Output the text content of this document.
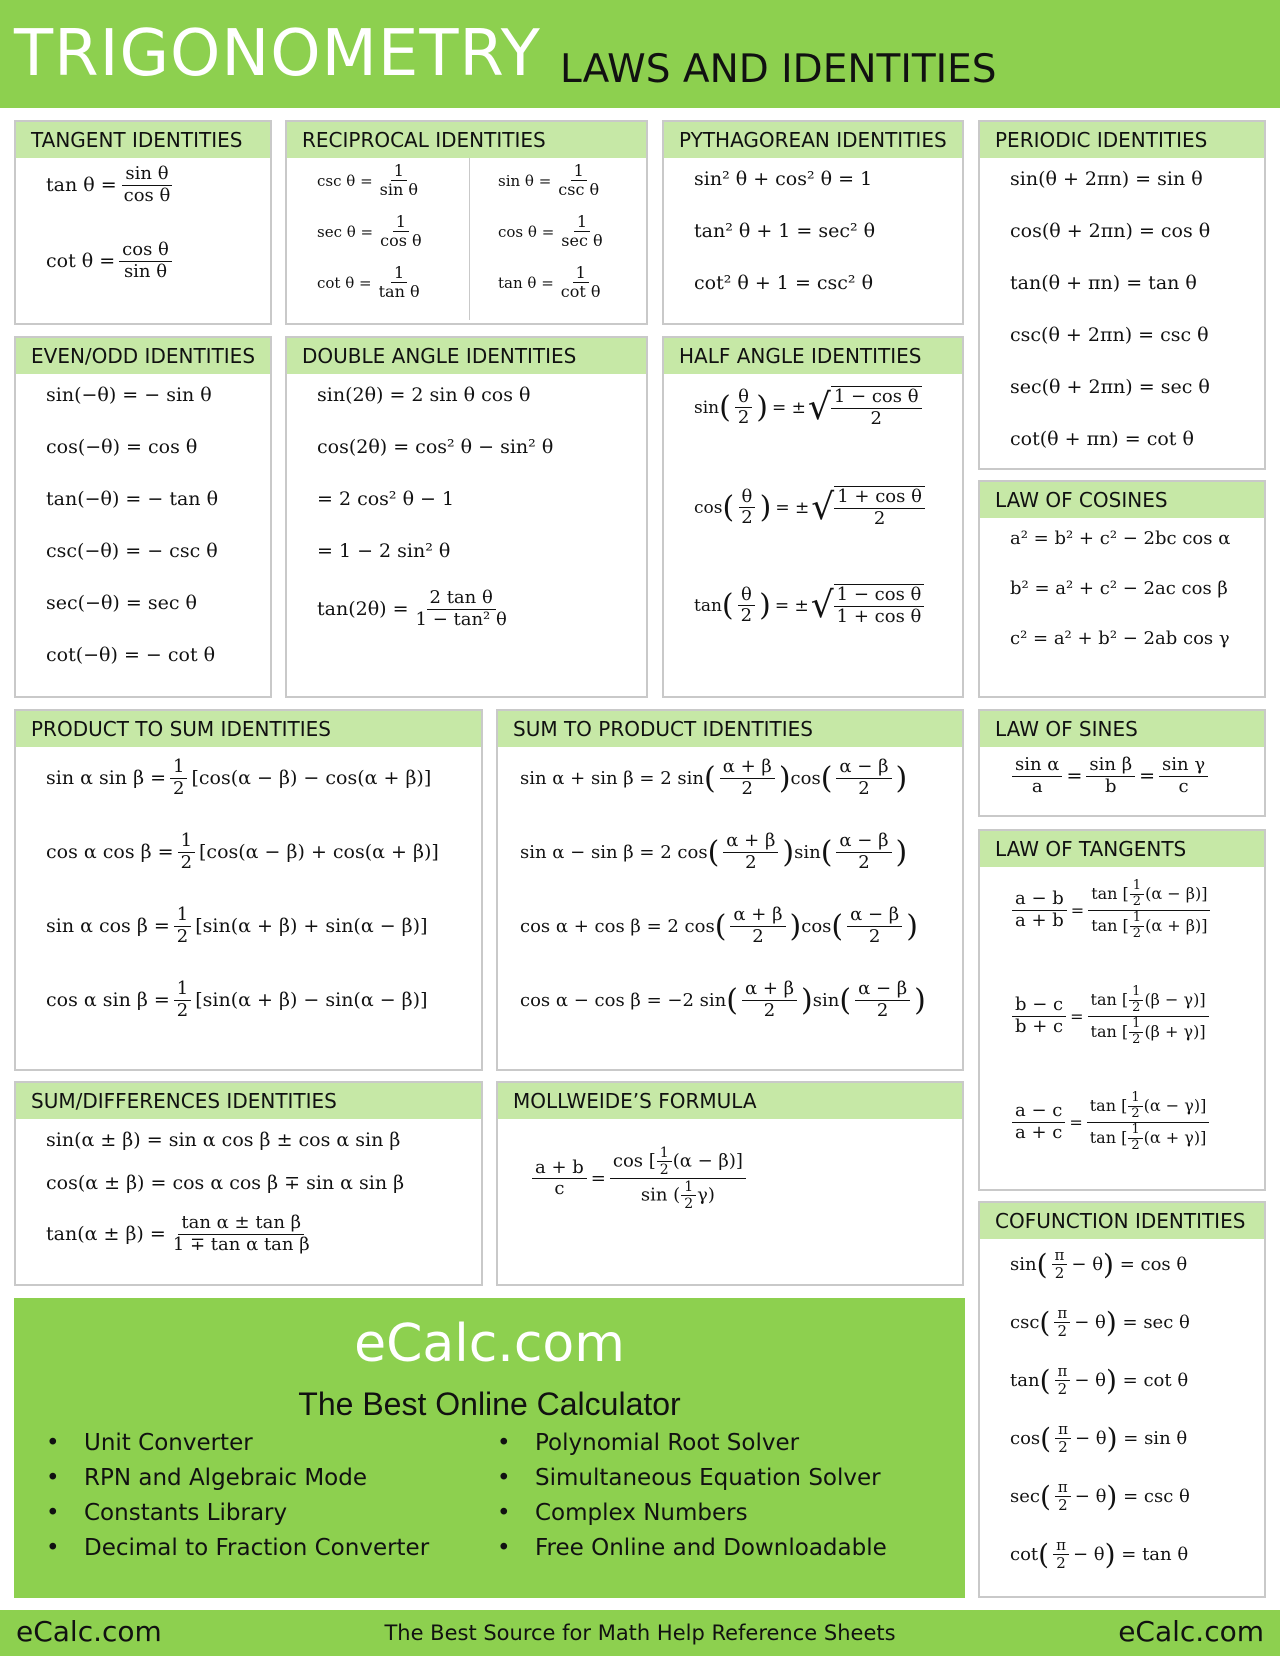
TRIGONOMETRY LAWS AND IDENTITIES
TANGENT IDENTITIES
$\tan \theta = \frac{\text{sin θ}}{\text{cos θ}}$
$\cot \theta = \frac{\text{cos θ}}{\text{sin θ}}$
RECIPROCAL IDENTITIES
$\csc \theta = \frac{1}{\text{sin θ}}$
$\sec \theta = \frac{1}{\text{cos θ}}$
$\cot \theta = \frac{1}{\text{tan θ}}$
sin θ =
1
csc θ
cos θ =
1
sec θ
$\tan \theta = \frac{1}{\text{cot θ}}$
PYTHAGOREAN IDENTITIES
sin² θ + cos² θ = 1
tan² θ + 1 = sec² θ
cot² θ + 1 = csc² θ
PERIODIC IDENTITIES
sin(θ + 2πn) = sin θ
cos(θ + 2πn) = cos θ
tan(θ + πn) = tan θ
csc(θ + 2πn) = csc θ
sec(θ + 2πn) = sec θ
cot(θ + πn) = cot θ
EVEN/ODD IDENTITIES
sin(−θ) = − sin θ
cos(−θ) = cos θ
tan(−θ) = − tan θ
csc(−θ) = − csc θ
sec(−θ) = sec θ
cot(−θ) = − cot θ
DOUBLE ANGLE IDENTITIES
sin(2θ) = 2 sin θ cos θ
cos(2θ) = cos² θ − sin² θ
= 2 cos² θ − 1
= 1 − 2 sin² θ
$\tan(2\theta) = \frac{\text{2 tan θ}}{\text{1 − tan² θ}}$
HALF ANGLE IDENTITIES
sin ( θ
2 ) = ± √ 1 − cos θ
2
cos ( θ
2 ) = ± √ 1 + cos θ
2
tan ( θ
2 ) = ± √ 1 − cos θ
1 + cos θ
LAW OF COSINES
a² = b² + c² − 2bc cos α
b² = a² + c² − 2ac cos β
c² = a² + b² − 2ab cos γ
PRODUCT TO SUM IDENTITIES
sin α $\sin \beta = \frac{1}{2} [\cos(\alpha - \beta) - \cos(\alpha + \beta)]$
cos α $\cos \beta = \frac{1}{2} [\cos(\alpha - \beta) + \cos(\alpha + \beta)]$
sin α $\cos \beta = \frac{1}{2} [\sin(\alpha + \beta) + \sin(\alpha - \beta)]$
cos α $\sin \beta = \frac{1}{2} [\sin(\alpha + \beta) - \sin(\alpha - \beta)]$
SUM TO PRODUCT IDENTITIES
sin α + sin β = 2 sin ( α + β
2 ) cos ( α − β
2 )
sin α − sin β = 2 cos ( α + β
2 ) sin ( α − β
2 )
cos α + cos β = 2 cos ( α + β
2 ) cos ( α − β
2 )
cos α − cos β = −2 sin ( α + β
2 ) sin ( α − β
2 )
LAW OF SINES
$\frac{\text{sin α}}{a} = \frac{\text{sin β}}{b} = \frac{\text{sin γ}}{c}$
LAW OF TANGENTS
$\frac{a - b}{a + b} = \frac{\tan [ \frac{1}{2} (\alpha - \beta)]}{\tan [ \frac{1}{2} (\alpha + \beta)]}$
$\frac{b - c}{b + c} = \frac{\tan [ \frac{1}{2} (\beta - \gamma)]}{\tan [ \frac{1}{2} (\beta + \gamma)]}$
$\frac{a - c}{a + c} = \frac{\tan [ \frac{1}{2} (\alpha - \gamma)]}{\tan [ \frac{1}{2} (\alpha + \gamma)]}$
SUM/DIFFERENCES IDENTITIES
sin(α ± β) = sin α cos β ± cos α sin β
cos(α ± β) = cos α cos β ∓ sin α sin β
$\tan(\alpha \pm \beta) = \frac{\text{tan α ± tan β}}{\text{1 ∓ tan α tan β}}$
MOLLWEIDE’S FORMULA
$\frac{a + b}{c} = \frac{\cos [ \frac{1}{2} (\alpha - \beta)]}{\sin ( \frac{1}{2} \gamma)}$
COFUNCTION IDENTITIES
sin ( π
2 − θ )
= cos θ
csc ( π
2 − θ )
= sec θ
tan ( π
2 − θ )
= cot θ
cos ( π
2 − θ )
= sin θ
sec ( π
2 − θ )
= csc θ
cot ( π
2 − θ )
= tan θ
eCalc.com
The Best Online Calculator
• Unit Converter
• RPN and Algebraic Mode
• Constants Library
• Decimal to Fraction Converter
• Polynomial Root Solver
• Simultaneous Equation Solver
• Complex Numbers
• Free Online and Downloadable
eCalc.com	The Best Source for Math Help Reference Sheets	eCalc.com
